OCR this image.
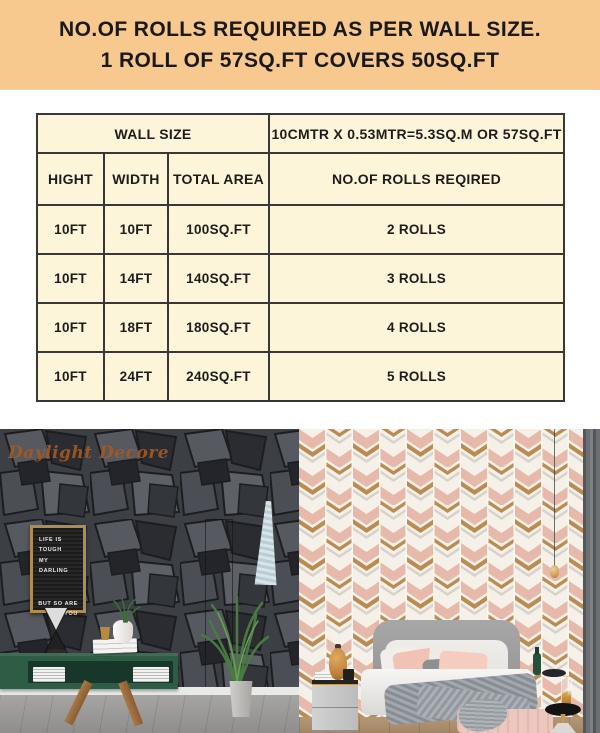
NO.OF ROLLS REQUIRED AS PER WALL SIZE.
1 ROLL OF 57SQ.FT COVERS 50SQ.FT
WALL SIZE			10CMTR X 0.53MTR=5.3SQ.M OR 57SQ.FT
HIGHT	WIDTH	TOTAL AREA	NO.OF ROLLS REQIRED
10FT	10FT	100SQ.FT	2 ROLLS
10FT	14FT	140SQ.FT	3 ROLLS
10FT	18FT	180SQ.FT	4 ROLLS
10FT	24FT	240SQ.FT	5 ROLLS
Daylight Decore
LIFE IS TOUGH
MY DARLING
BUT SO ARE
YOU
